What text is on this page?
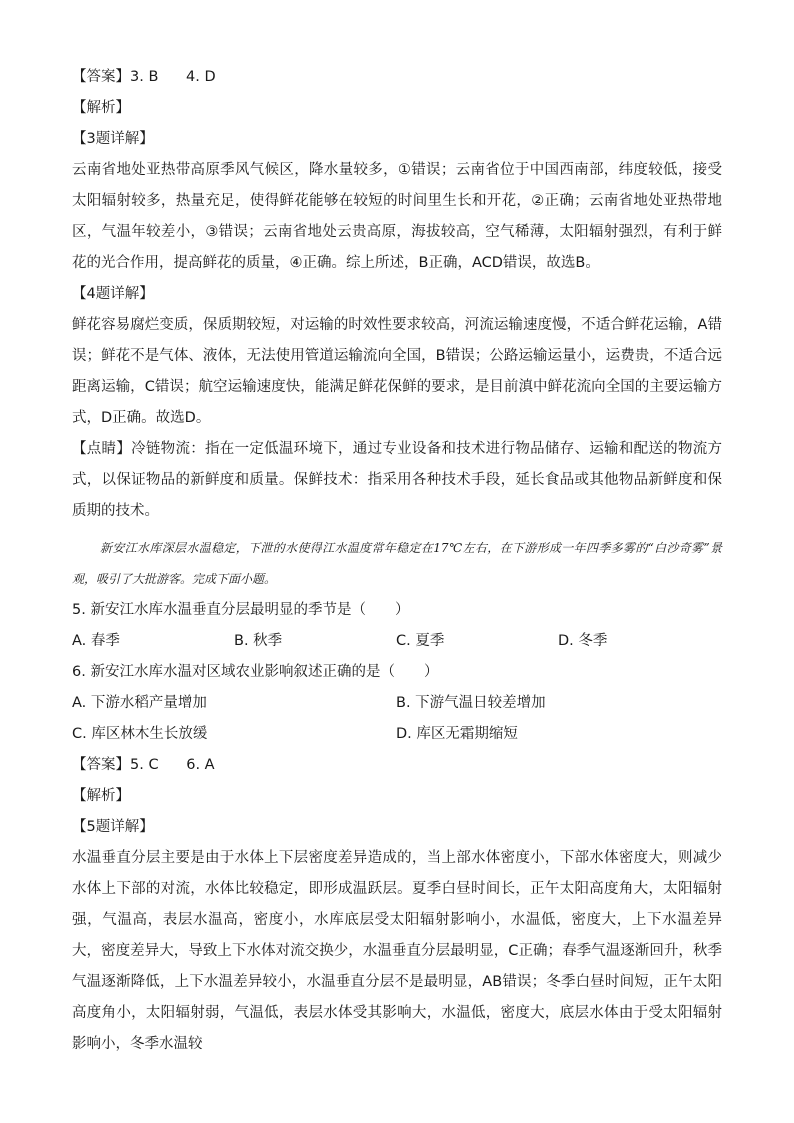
【答案】3. B      4. D
【解析】
【3题详解】
云南省地处亚热带高原季风气候区，降水量较多，①错误；云南省位于中国西南部，纬度较低，接受太阳辐射较多，热量充足，使得鲜花能够在较短的时间里生长和开花，②正确；云南省地处亚热带地区，气温年较差小，③错误；云南省地处云贵高原，海拔较高，空气稀薄，太阳辐射强烈，有利于鲜花的光合作用，提高鲜花的质量，④正确。综上所述，B正确，ACD错误，故选B。
【4题详解】
鲜花容易腐烂变质，保质期较短，对运输的时效性要求较高，河流运输速度慢，不适合鲜花运输，A错误；鲜花不是气体、液体，无法使用管道运输流向全国，B错误；公路运输运量小，运费贵，不适合远距离运输，C错误；航空运输速度快，能满足鲜花保鲜的要求，是目前滇中鲜花流向全国的主要运输方式，D正确。故选D。
【点睛】冷链物流：指在一定低温环境下，通过专业设备和技术进行物品储存、运输和配送的物流方式，以保证物品的新鲜度和质量。保鲜技术：指采用各种技术手段，延长食品或其他物品新鲜度和保质期的技术。
新安江水库深层水温稳定，下泄的水使得江水温度常年稳定在17℃左右，在下游形成一年四季多雾的“白沙奇雾”景观，吸引了大批游客。完成下面小题。
5. 新安江水库水温垂直分层最明显的季节是（　　）
A. 春季	B. 秋季	C. 夏季	D. 冬季
6. 新安江水库水温对区域农业影响叙述正确的是（　　）
A. 下游水稻产量增加	B. 下游气温日较差增加
C. 库区林木生长放缓	D. 库区无霜期缩短
【答案】5. C      6. A
【解析】
【5题详解】
水温垂直分层主要是由于水体上下层密度差异造成的，当上部水体密度小，下部水体密度大，则减少水体上下部的对流，水体比较稳定，即形成温跃层。夏季白昼时间长，正午太阳高度角大，太阳辐射强，气温高，表层水温高，密度小，水库底层受太阳辐射影响小，水温低，密度大，上下水温差异大，密度差异大，导致上下水体对流交换少，水温垂直分层最明显，C正确；春季气温逐渐回升，秋季气温逐渐降低，上下水温差异较小，水温垂直分层不是最明显，AB错误；冬季白昼时间短，正午太阳高度角小，太阳辐射弱，气温低，表层水体受其影响大，水温低，密度大，底层水体由于受太阳辐射影响小，冬季水温较
